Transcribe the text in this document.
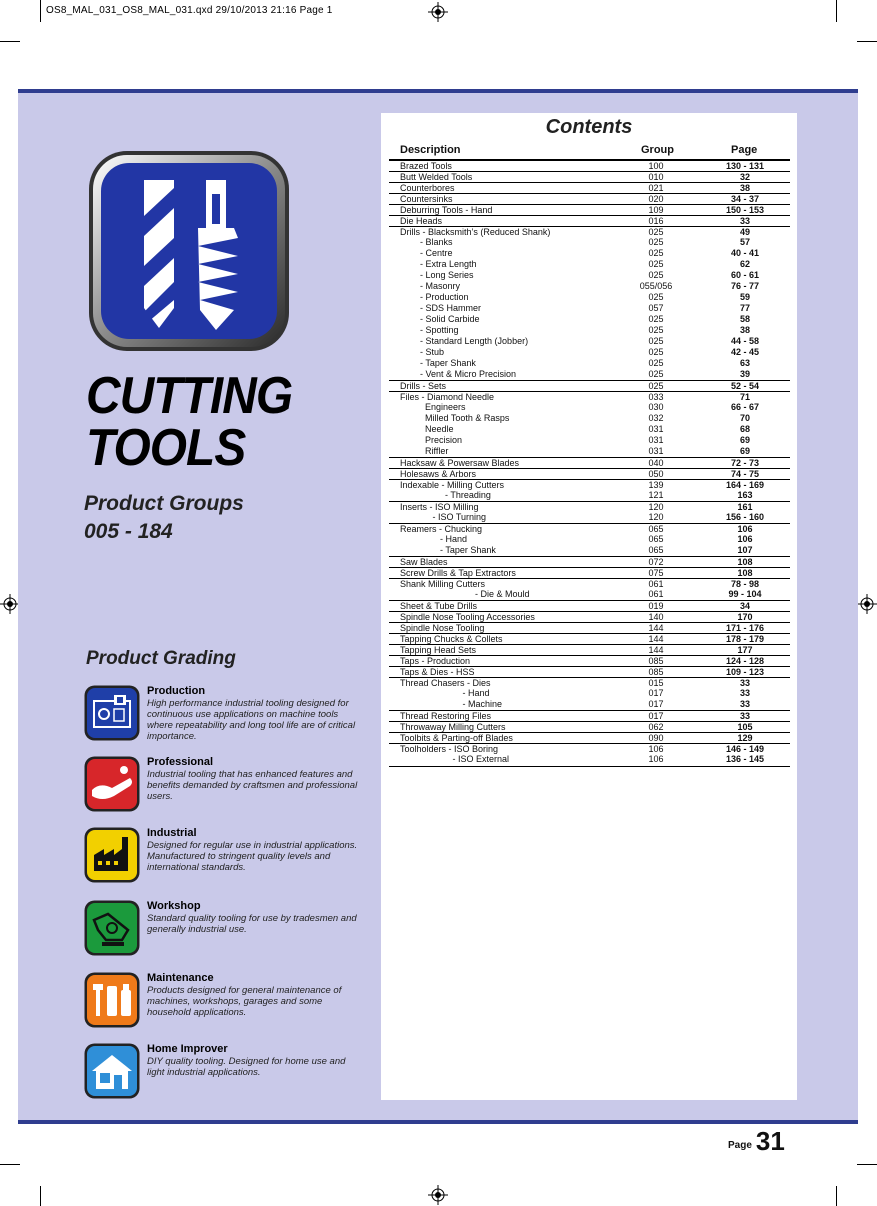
OS8_MAL_031_OS8_MAL_031.qxd 29/10/2013 21:16 Page 1
CUTTING
TOOLS
Product Groups
005 - 184
Product Grading
Production
High performance industrial tooling designed for continuous use applications on machine tools where repeatability and long tool life are of critical importance.
Professional
Industrial tooling that has enhanced features and benefits demanded by craftsmen and professional users.
Industrial
Designed for regular use in industrial applications. Manufactured to stringent quality levels and international standards.
Workshop
Standard quality tooling for use by tradesmen and generally industrial use.
Maintenance
Products designed for general maintenance of machines, workshops, garages and some household applications.
Home Improver
DIY quality tooling. Designed for home use and light industrial applications.
Contents
Description	Group	Page
Brazed Tools	100	130 - 131
Butt Welded Tools	010	32
Counterbores	021	38
Countersinks	020	34 - 37
Deburring Tools - Hand	109	150 - 153
Die Heads	016	33
Drills - Blacksmith’s (Reduced Shank)	025	49
- Blanks	025	57
- Centre	025	40 - 41
- Extra Length	025	62
- Long Series	025	60 - 61
- Masonry	055/056	76 - 77
- Production	025	59
- SDS Hammer	057	77
- Solid Carbide	025	58
- Spotting	025	38
- Standard Length (Jobber)	025	44 - 58
- Stub	025	42 - 45
- Taper Shank	025	63
- Vent & Micro Precision	025	39
Drills - Sets	025	52 - 54
Files - Diamond Needle	033	71
Engineers	030	66 - 67
Milled Tooth & Rasps	032	70
Needle	031	68
Precision	031	69
Riffler	031	69
Hacksaw & Powersaw Blades	040	72 - 73
Holesaws & Arbors	050	74 - 75
Indexable - Milling Cutters	139	164 - 169
- Threading	121	163
Inserts - ISO Milling	120	161
- ISO Turning	120	156 - 160
Reamers - Chucking	065	106
- Hand	065	106
- Taper Shank	065	107
Saw Blades	072	108
Screw Drills & Tap Extractors	075	108
Shank Milling Cutters	061	78 - 98
- Die & Mould	061	99 - 104
Sheet & Tube Drills	019	34
Spindle Nose Tooling Accessories	140	170
Spindle Nose Tooling	144	171 - 176
Tapping Chucks & Collets	144	178 - 179
Tapping Head Sets	144	177
Taps - Production	085	124 - 128
Taps & Dies - HSS	085	109 - 123
Thread Chasers - Dies	015	33
- Hand	017	33
- Machine	017	33
Thread Restoring Files	017	33
Throwaway Milling Cutters	062	105
Toolbits & Parting-off Blades	090	129
Toolholders - ISO Boring	106	146 - 149
- ISO External	106	136 - 145
Page 31
